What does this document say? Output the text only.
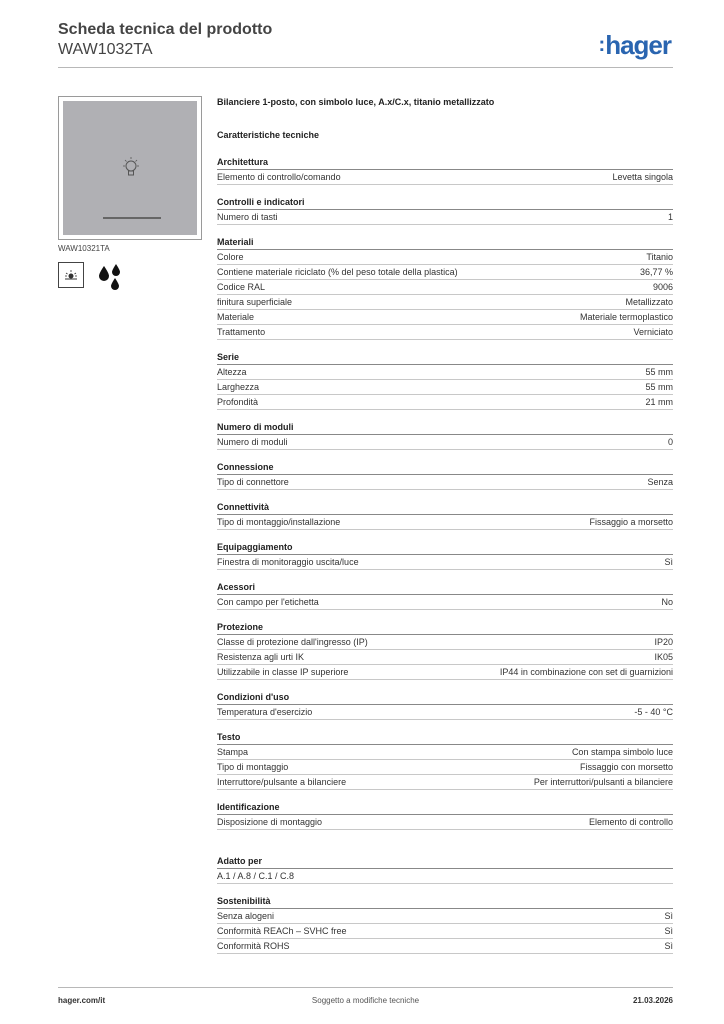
Scheda tecnica del prodotto
WAW1032TA	:hager
WAW10321TA
Bilanciere 1-posto, con simbolo luce, A.x/C.x, titanio metallizzato
Caratteristiche tecniche
Architettura
Elemento di controllo/comando	Levetta singola
Controlli e indicatori
Numero di tasti	1
Materiali
Colore	Titanio
Contiene materiale riciclato (% del peso totale della plastica)	36,77 %
Codice RAL	9006
finitura superficiale	Metallizzato
Materiale	Materiale termoplastico
Trattamento	Verniciato
Serie
Altezza	55 mm
Larghezza	55 mm
Profondità	21 mm
Numero di moduli
Numero di moduli	0
Connessione
Tipo di connettore	Senza
Connettività
Tipo di montaggio/installazione	Fissaggio a morsetto
Equipaggiamento
Finestra di monitoraggio uscita/luce	Sì
Acessori
Con campo per l'etichetta	No
Protezione
Classe di protezione dall'ingresso (IP)	IP20
Resistenza agli urti IK	IK05
Utilizzabile in classe IP superiore	IP44 in combinazione con set di guarnizioni
Condizioni d'uso
Temperatura d'esercizio	-5 - 40 °C
Testo
Stampa	Con stampa simbolo luce
Tipo di montaggio	Fissaggio con morsetto
Interruttore/pulsante a bilanciere	Per interruttori/pulsanti a bilanciere
Identificazione
Disposizione di montaggio	Elemento di controllo
Adatto per
A.1 / A.8 / C.1 / C.8
Sostenibilità
Senza alogeni	Sì
Conformità REACh – SVHC free	Sì
Conformità ROHS	Sì
hager.com/it	Soggetto a modifiche tecniche	21.03.2026
